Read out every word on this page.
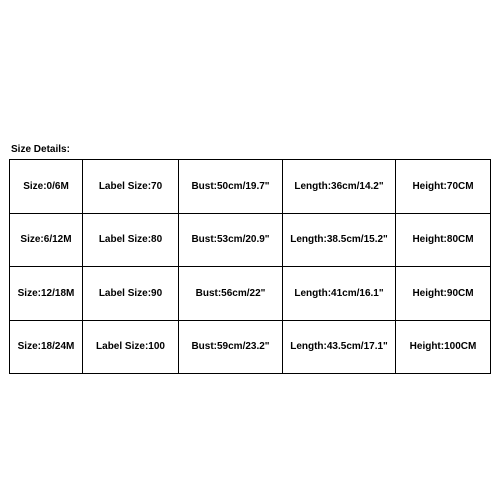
Size Details:
Size:0/6M	Label Size:70	Bust:50cm/19.7"	Length:36cm/14.2"	Height:70CM
Size:6/12M	Label Size:80	Bust:53cm/20.9"	Length:38.5cm/15.2"	Height:80CM
Size:12/18M	Label Size:90	Bust:56cm/22"	Length:41cm/16.1"	Height:90CM
Size:18/24M	Label Size:100	Bust:59cm/23.2"	Length:43.5cm/17.1"	Height:100CM
